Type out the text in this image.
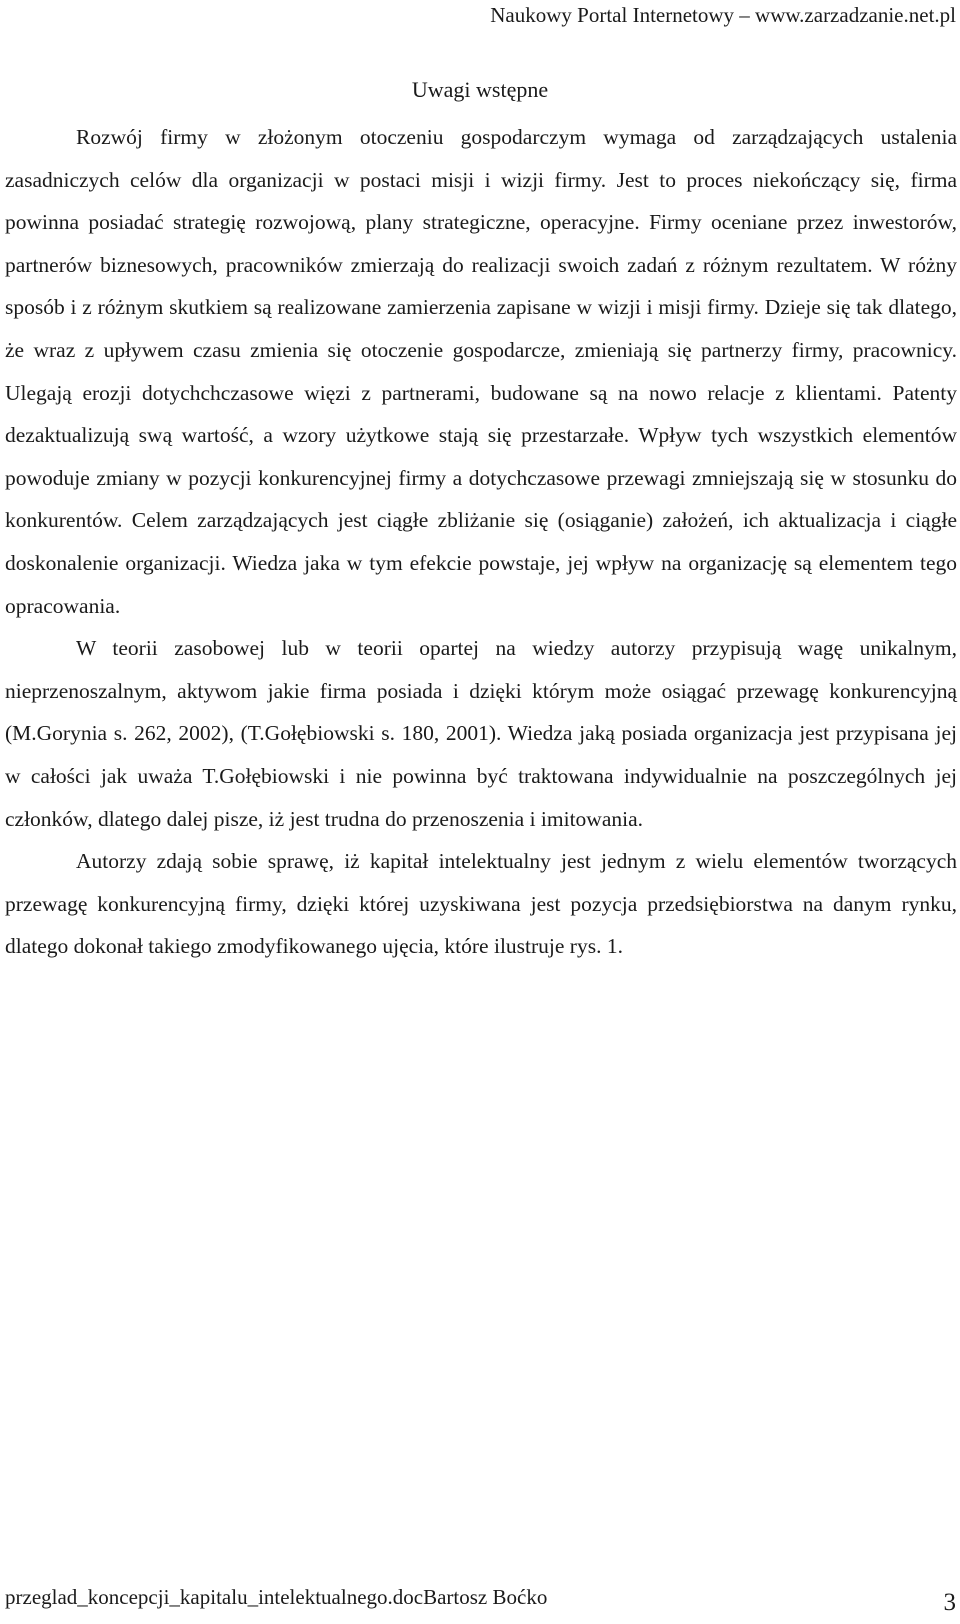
Naukowy Portal Internetowy – www.zarzadzanie.net.pl
Uwagi wstępne

Rozwój firmy w złożonym otoczeniu gospodarczym wymaga od zarządzających ustalenia zasadniczych celów dla organizacji w postaci misji i wizji firmy. Jest to proces niekończący się, firma powinna posiadać strategię rozwojową, plany strategiczne, operacyjne. Firmy oceniane przez inwestorów, partnerów biznesowych, pracowników zmierzają do realizacji swoich zadań z różnym rezultatem. W różny sposób i z różnym skutkiem są realizowane zamierzenia zapisane w wizji i misji firmy. Dzieje się tak dlatego, że wraz z upływem czasu zmienia się otoczenie gospodarcze, zmieniają się partnerzy firmy, pracownicy. Ulegają erozji dotychchczasowe więzi z partnerami, budowane są na nowo relacje z klientami. Patenty dezaktualizują swą wartość, a wzory użytkowe stają się przestarzałe. Wpływ tych wszystkich elementów powoduje zmiany w pozycji konkurencyjnej firmy a dotychczasowe przewagi zmniejszają się w stosunku do konkurentów. Celem zarządzających jest ciągłe zbliżanie się (osiąganie) założeń, ich aktualizacja i ciągłe doskonalenie organizacji. Wiedza jaka w tym efekcie powstaje, jej wpływ na organizację są elementem tego opracowania.

W teorii zasobowej lub w teorii opartej na wiedzy autorzy przypisują wagę unikalnym, nieprzenoszalnym, aktywom jakie firma posiada i dzięki którym może osiągać przewagę konkurencyjną (M.Gorynia s. 262, 2002), (T.Gołębiowski s. 180, 2001). Wiedza jaką posiada organizacja jest przypisana jej w całości jak uważa T.Gołębiowski i nie powinna być traktowana indywidualnie na poszczególnych jej członków, dlatego dalej pisze, iż jest trudna do przenoszenia i imitowania.

Autorzy zdają sobie sprawę, iż kapitał intelektualny jest jednym z wielu elementów tworzących przewagę konkurencyjną firmy, dzięki której uzyskiwana jest pozycja przedsiębiorstwa na danym rynku, dlatego dokonał takiego zmodyfikowanego ujęcia, które ilustruje rys. 1.

przeglad_koncepcji_kapitalu_intelektualnego.docBartosz Boćko	3
